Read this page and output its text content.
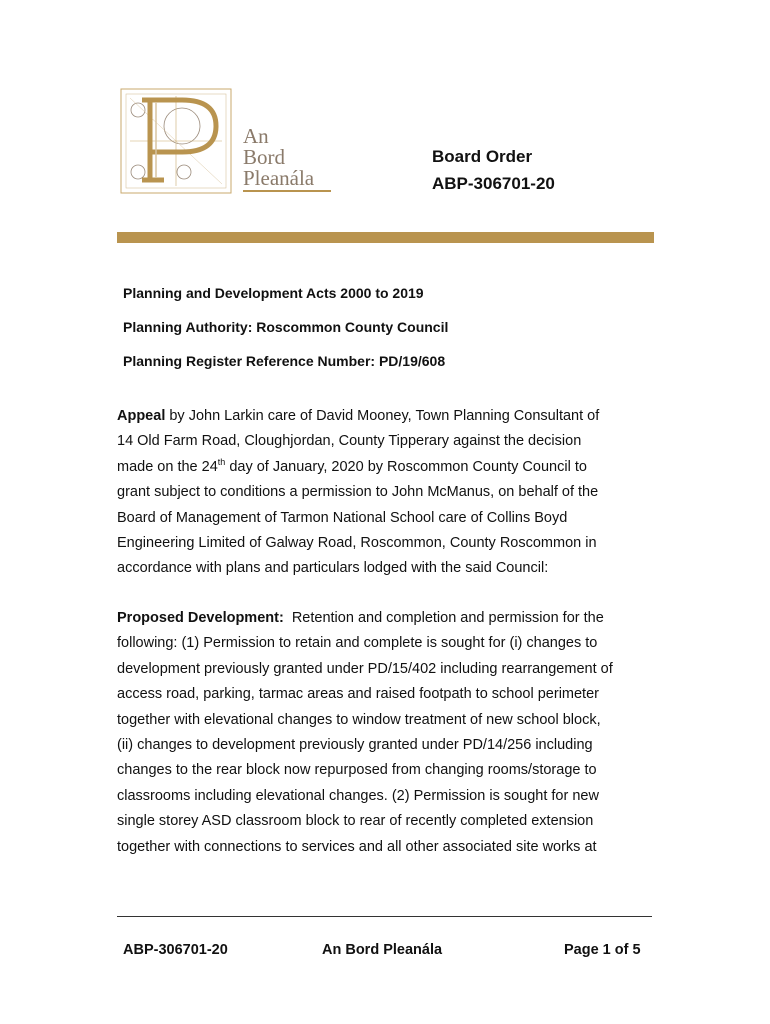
An
Bord
Pleanála
Board Order
ABP-306701-20
Planning and Development Acts 2000 to 2019
Planning Authority: Roscommon County Council
Planning Register Reference Number: PD/19/608
Appeal by John Larkin care of David Mooney, Town Planning Consultant of
14 Old Farm Road, Cloughjordan, County Tipperary against the decision
made on the 24th day of January, 2020 by Roscommon County Council to
grant subject to conditions a permission to John McManus, on behalf of the
Board of Management of Tarmon National School care of Collins Boyd
Engineering Limited of Galway Road, Roscommon, County Roscommon in
accordance with plans and particulars lodged with the said Council:
Proposed Development:  Retention and completion and permission for the
following: (1) Permission to retain and complete is sought for (i) changes to
development previously granted under PD/15/402 including rearrangement of
access road, parking, tarmac areas and raised footpath to school perimeter
together with elevational changes to window treatment of new school block,
(ii) changes to development previously granted under PD/14/256 including
changes to the rear block now repurposed from changing rooms/storage to
classrooms including elevational changes. (2) Permission is sought for new
single storey ASD classroom block to rear of recently completed extension
together with connections to services and all other associated site works at
ABP-306701-20	An Bord Pleanála	Page 1 of 5
